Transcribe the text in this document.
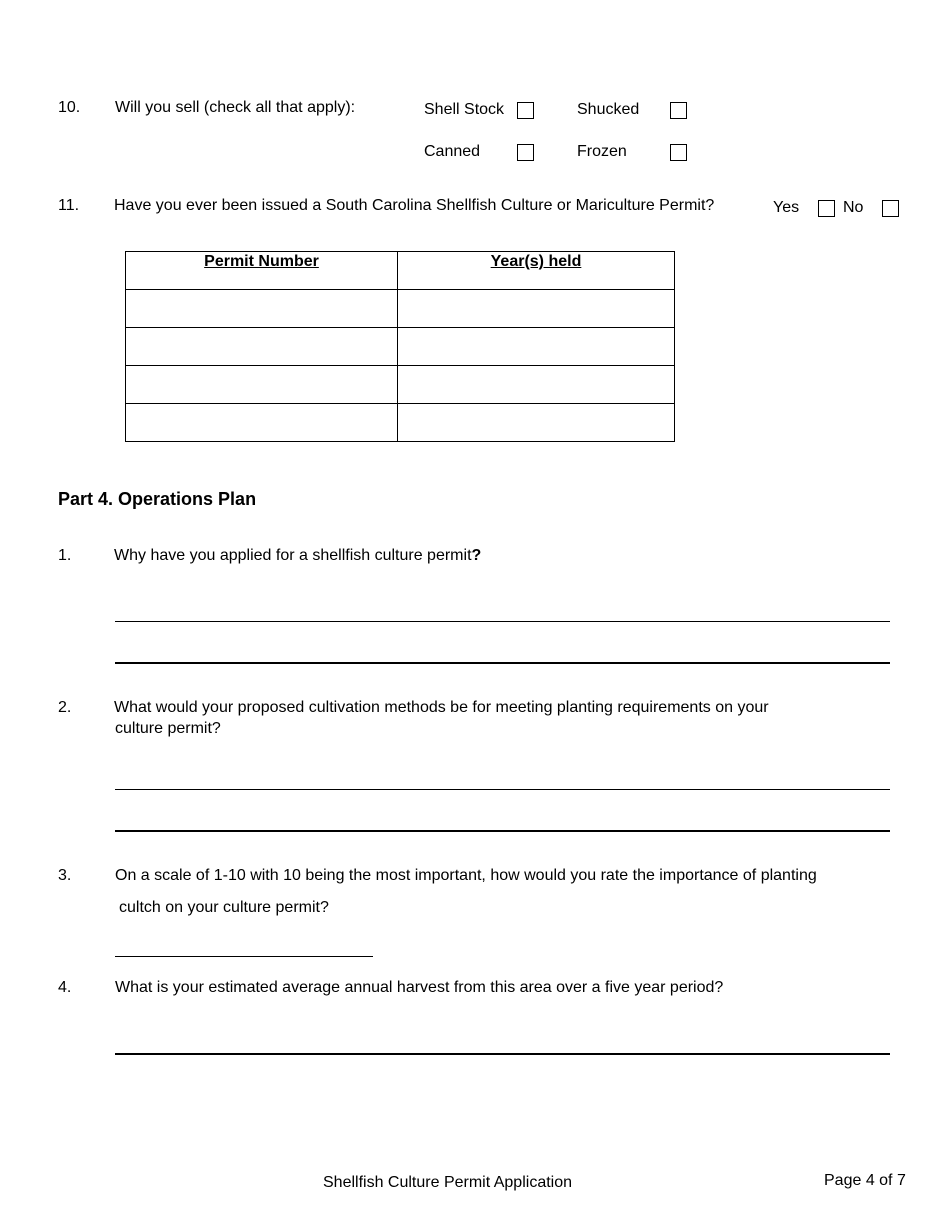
10. Will you sell (check all that apply):	Shell Stock	Shucked
Canned	Frozen
11. Have you ever been issued a South Carolina Shellfish Culture or Mariculture Permit?	Yes	No
Permit Number	Year(s) held

Part 4. Operations Plan
1.	Why have you applied for a shellfish culture permit?
2.	What would your proposed cultivation methods be for meeting planting requirements on your
culture permit?
3.	On a scale of 1-10 with 10 being the most important, how would you rate the importance of planting
cultch on your culture permit?
4.	What is your estimated average annual harvest from this area over a five year period?
Shellfish Culture Permit Application	Page 4 of 7
